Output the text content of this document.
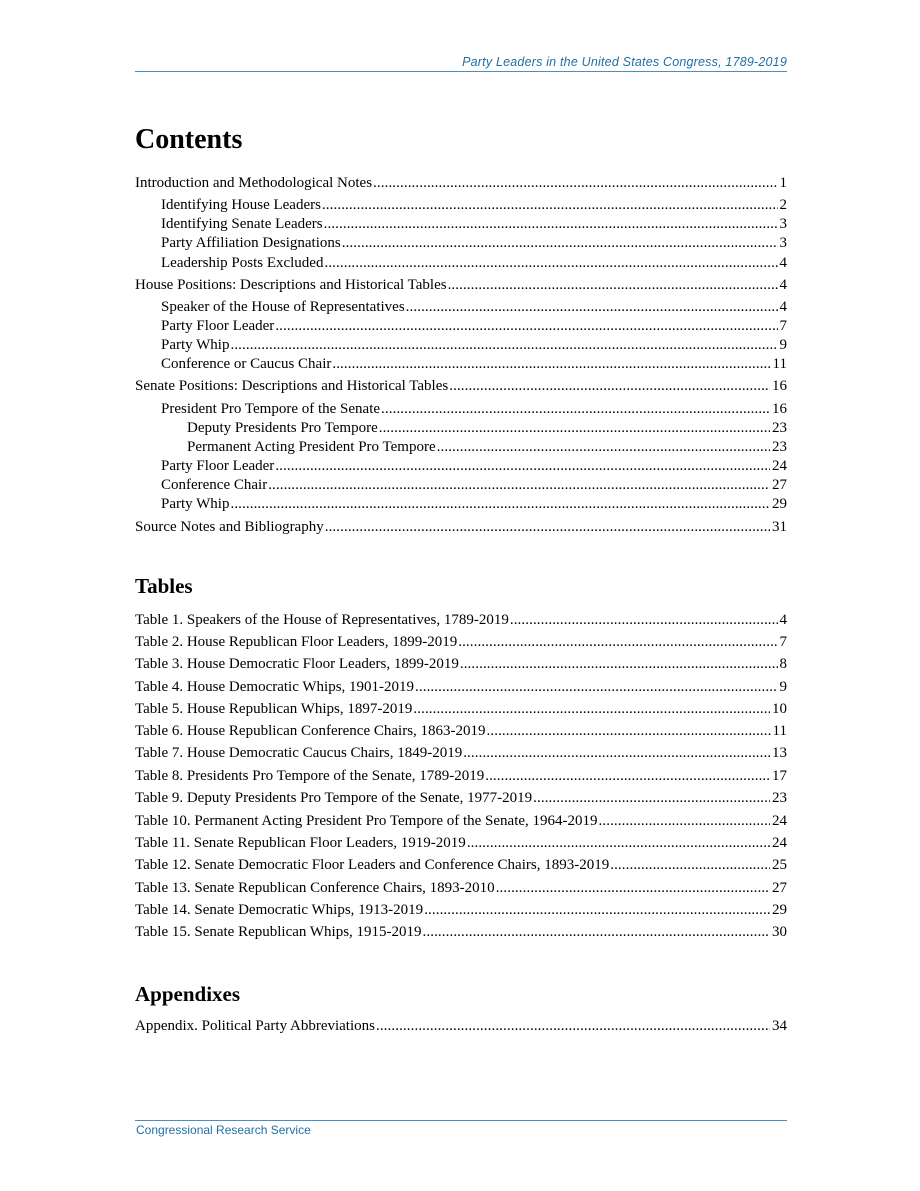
Party Leaders in the United States Congress, 1789-2019
Contents
Introduction and Methodological Notes .....	1
Identifying House Leaders .....	2
Identifying Senate Leaders .....	3
Party Affiliation Designations .....	3
Leadership Posts Excluded .....	4
House Positions: Descriptions and Historical Tables .....	4
Speaker of the House of Representatives .....	4
Party Floor Leader .....	7
Party Whip .....	9
Conference or Caucus Chair .....	11
Senate Positions: Descriptions and Historical Tables .....	16
President Pro Tempore of the Senate .....	16
Deputy Presidents Pro Tempore .....	23
Permanent Acting President Pro Tempore .....	23
Party Floor Leader .....	24
Conference Chair .....	27
Party Whip .....	29
Source Notes and Bibliography .....	31
Tables
Table 1. Speakers of the House of Representatives, 1789-2019 .....	4
Table 2. House Republican Floor Leaders, 1899-2019 .....	7
Table 3. House Democratic Floor Leaders, 1899-2019 .....	8
Table 4. House Democratic Whips, 1901-2019 .....	9
Table 5. House Republican Whips, 1897-2019 .....	10
Table 6. House Republican Conference Chairs, 1863-2019 .....	11
Table 7. House Democratic Caucus Chairs, 1849-2019 .....	13
Table 8. Presidents Pro Tempore of the Senate, 1789-2019 .....	17
Table 9. Deputy Presidents Pro Tempore of the Senate, 1977-2019 .....	23
Table 10. Permanent Acting President Pro Tempore of the Senate, 1964-2019 .....	24
Table 11. Senate Republican Floor Leaders, 1919-2019 .....	24
Table 12. Senate Democratic Floor Leaders and Conference Chairs, 1893-2019 .....	25
Table 13. Senate Republican Conference Chairs, 1893-2010 .....	27
Table 14. Senate Democratic Whips, 1913-2019 .....	29
Table 15. Senate Republican Whips, 1915-2019 .....	30
Appendixes
Appendix. Political Party Abbreviations .....	34
Congressional Research Service
